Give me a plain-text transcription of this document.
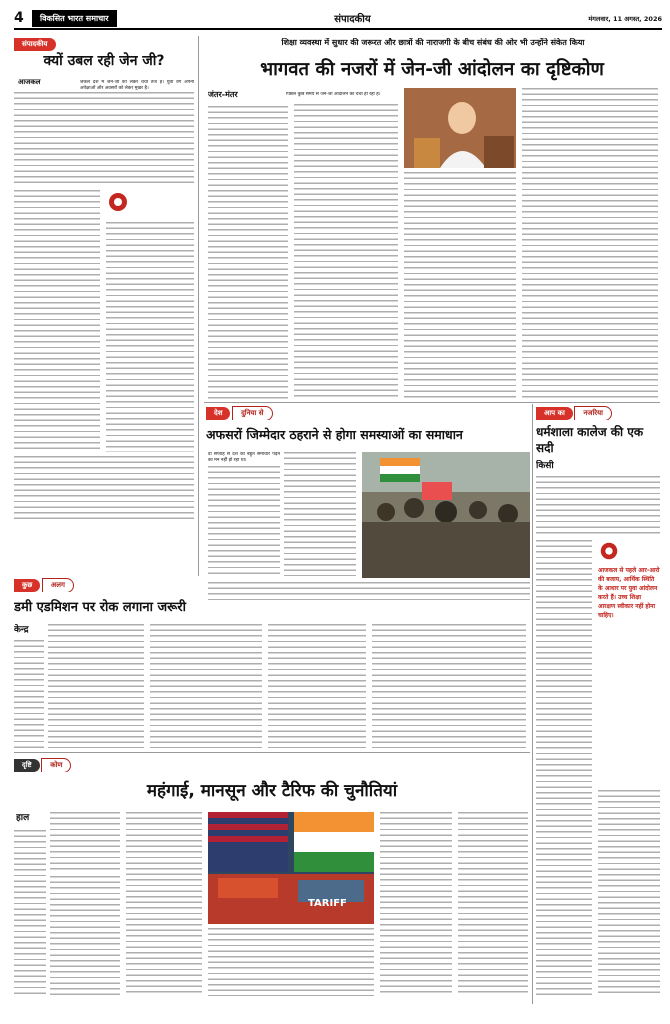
4	विकसित भारत समाचार	संपादकीय	मंगलवार, 11 अगस्त, 2026
संपादकीय
क्यों उबल रही जेन जी?
आजकल	जकल देश में जेन-जी को लेकर चर्चा तेज है। युवा वर्ग अपनी अपेक्षाओं और अवसरों को लेकर मुखर है।
शिक्षा व्यवस्था में सुधार की जरूरत और छात्रों की नाराजगी के बीच संबंध की ओर भी उन्होंने संकेत किया
भागवत की नजरों में जेन-जी आंदोलन का दृष्टिकोण
जंतर-मंतर	पिछले कुछ समय से जेन-जी आंदोलन की चर्चा हो रही है।
देश	दुनिया से
अफसरों जिम्मेदार ठहराने से होगा समस्याओं का समाधान
दो सप्ताह से देश का बहुत समाचार पढ़ने का मन नहीं हो रहा था।
आप का	नजरिया
धर्मशाला कालेज की एक सदी
किसी
आजकल से पहले आर-आरो की बजाय, आर्थिक स्थिति के आधार पर युवा आंदोलन करते हैं। उच्च शिक्षा आरक्षण स्वीकार नहीं होना चाहिए।
कुछ	अलग
डमी एडमिशन पर रोक लगाना जरूरी
केन्द्र
दृष्टि	कोण
महंगाई, मानसून और टैरिफ की चुनौतियां
हाल
TARIFF
